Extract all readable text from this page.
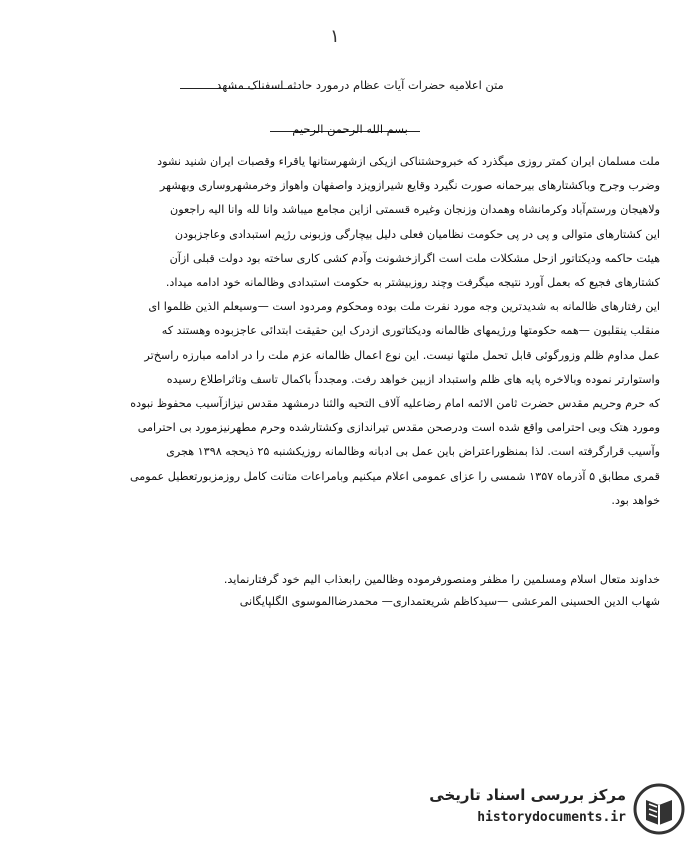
۱
متن اعلامیه حضرات آیات عظام درمورد حادثه اسفناک مشهد
بسم الله الرحمن الرحیم

ملت مسلمان ایران کمتر روزی میگذرد که خبروحشتناکی ازیکی ازشهرستانها یاقراء وقصبات ایران شنید نشود

وضرب وجرح وباکشتارهای بیرحمانه صورت نگیرد وقایع شیرازویزد واصفهان واهواز وخرمشهروساری وبهشهر

ولاهیجان ورستم‌آباد وکرمانشاه وهمدان وزنجان وغیره قسمتی ازاین مجامع میباشد وانا لله وانا الیه راجعون

این کشتارهای متوالی و پی در پی حکومت نظامیان فعلی دلیل بیچارگی وزبونی رژیم استبدادی وعاجزبودن

هیئت حاکمه ودیکتاتور ازحل مشکلات ملت است اگرازخشونت وآدم کشی کاری ساخته بود دولت قبلی ازآن

کشتارهای فجیع که بعمل آورد نتیجه میگرفت وچند روزبیشتر به حکومت استبدادی وظالمانه خود ادامه میداد.

این رفتارهای ظالمانه به شدیدترین وجه مورد نفرت ملت بوده ومحکوم ومردود است —وسیعلم الذین ظلموا ای

منقلب ینقلبون —همه حکومتها ورژیمهای ظالمانه ودیکتاتوری ازدرک این حقیقت ابتدائی عاجزبوده وهستند که

عمل مداوم ظلم وزورگوئی قابل تحمل ملتها نیست. این نوع اعمال ظالمانه عزم ملت را در ادامه مبارزه راسخ‌تر

واستوارتر نموده وبالاخره پایه های ظلم واستبداد ازبین خواهد رفت. ومجدداً باکمال تاسف وتاثراطلاع رسیده

که حرم وحریم مقدس حضرت ثامن الائمه امام رضاعلیه آلاف التحیه والثنا درمشهد مقدس نیزازآسیب محفوظ نبوده

ومورد هتک وبی احترامی واقع شده است ودرصحن مقدس تیراندازی وکشتارشده وحرم مطهرنیزمورد بی احترامی

وآسیب قرارگرفته است. لذا بمنظوراعتراض باین عمل بی ادبانه وظالمانه روزیکشنبه ۲۵ ذیحجه ۱۳۹۸ هجری

قمری مطابق ۵ آذرماه ۱۳۵۷ شمسی را عزای عمومی اعلام میکنیم وبامراعات متانت کامل روزمزبورتعطیل عمومی

خواهد بود.

خداوند متعال اسلام ومسلمین را مظفر ومنصورفرموده وظالمین رابعذاب الیم خود گرفتارنماید.
شهاب الدین الحسینی المرعشی —سیدکاظم شریعتمداری— محمدرضاالموسوی الگلپایگانی
مرکز بررسی اسناد تاریخی
historydocuments.ir
